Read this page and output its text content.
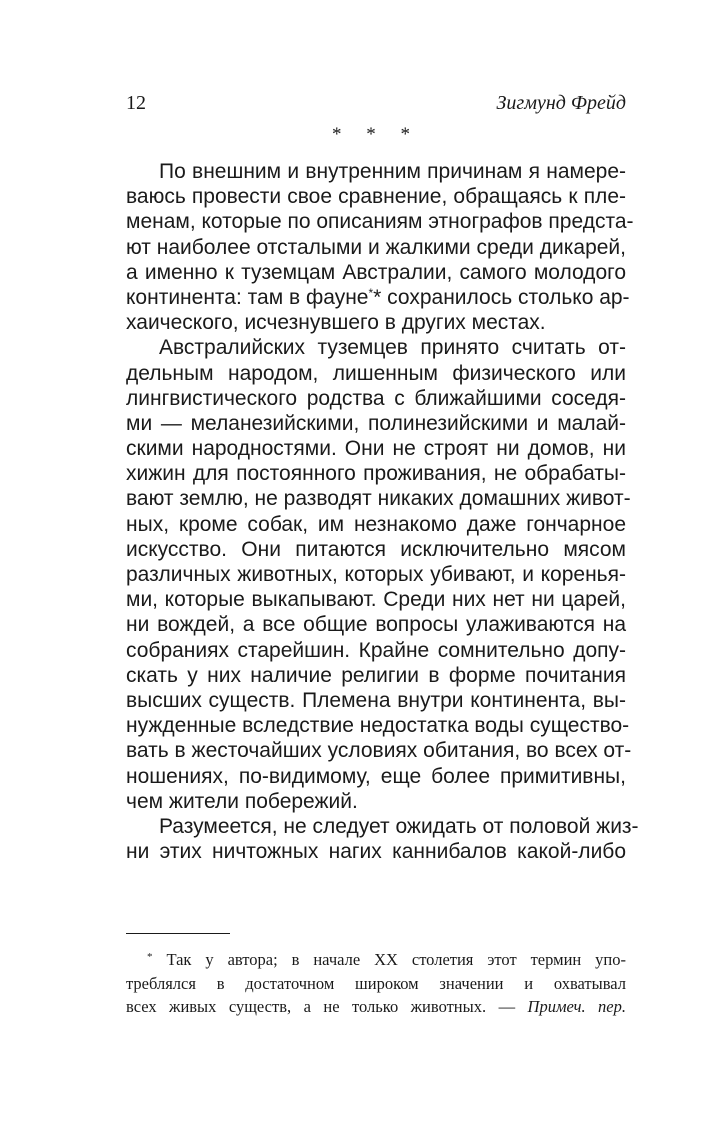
12	Зигмунд Фрейд
* * *
По внешним и внутренним причинам я намере-
ваюсь провести свое сравнение, обращаясь к пле-
менам, которые по описаниям этнографов предста-
ют наиболее отсталыми и жалкими среди дикарей,
а именно к туземцам Австралии, самого молодого
континента: там в фауне** сохранилось столько ар-
хаического, исчезнувшего в других местах.
Австралийских туземцев принято считать от-
дельным народом, лишенным физического или
лингвистического родства с ближайшими соседя-
ми — меланезийскими, полинезийскими и малай-
скими народностями. Они не строят ни домов, ни
хижин для постоянного проживания, не обрабаты-
вают землю, не разводят никаких домашних живот-
ных, кроме собак, им незнакомо даже гончарное
искусство. Они питаются исключительно мясом
различных животных, которых убивают, и коренья-
ми, которые выкапывают. Среди них нет ни царей,
ни вождей, а все общие вопросы улаживаются на
собраниях старейшин. Крайне сомнительно допу-
скать у них наличие религии в форме почитания
высших существ. Племена внутри континента, вы-
нужденные вследствие недостатка воды существо-
вать в жесточайших условиях обитания, во всех от-
ношениях, по-видимому, еще более примитивны,
чем жители побережий.
Разумеется, не следует ожидать от половой жиз-
ни этих ничтожных нагих каннибалов какой-либо
* Так у автора; в начале XX столетия этот термин упо-
треблялся в достаточном широком значении и охватывал
всех живых существ, а не только животных. — Примеч. пер.
